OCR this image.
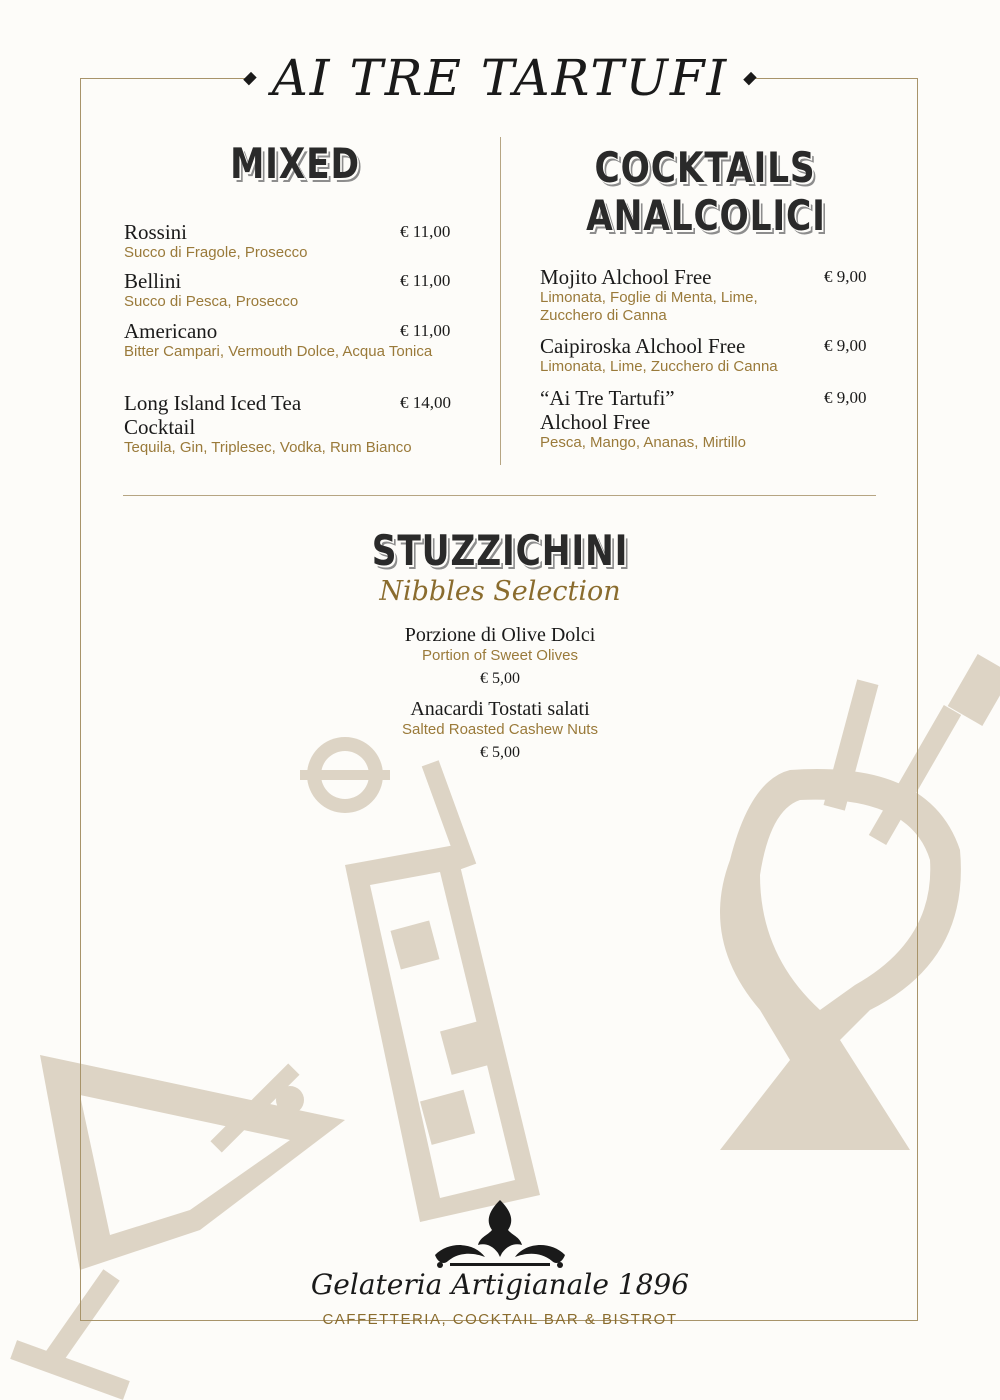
AI TRE TARTUFI
MIXED
Rossini
Succo di Fragole, Prosecco
€ 11,00
Bellini
Succo di Pesca, Prosecco
€ 11,00
Americano
Bitter Campari, Vermouth Dolce, Acqua Tonica
€ 11,00
Long Island Iced Tea Cocktail
Tequila, Gin, Triplesec, Vodka, Rum Bianco
€ 14,00
COCKTAILS
ANALCOLICI
Mojito Alchool Free
Limonata, Foglie di Menta, Lime, Zucchero di Canna
€ 9,00
Caipiroska Alchool Free
Limonata, Lime, Zucchero di Canna
€ 9,00
“Ai Tre Tartufi” Alchool Free
Pesca, Mango, Ananas, Mirtillo
€ 9,00
STUZZICHINI
Nibbles Selection
Porzione di Olive Dolci
Portion of Sweet Olives
€ 5,00
Anacardi Tostati salati
Salted Roasted Cashew Nuts
€ 5,00
Gelateria Artigianale 1896
CAFFETTERIA, COCKTAIL BAR & BISTROT
